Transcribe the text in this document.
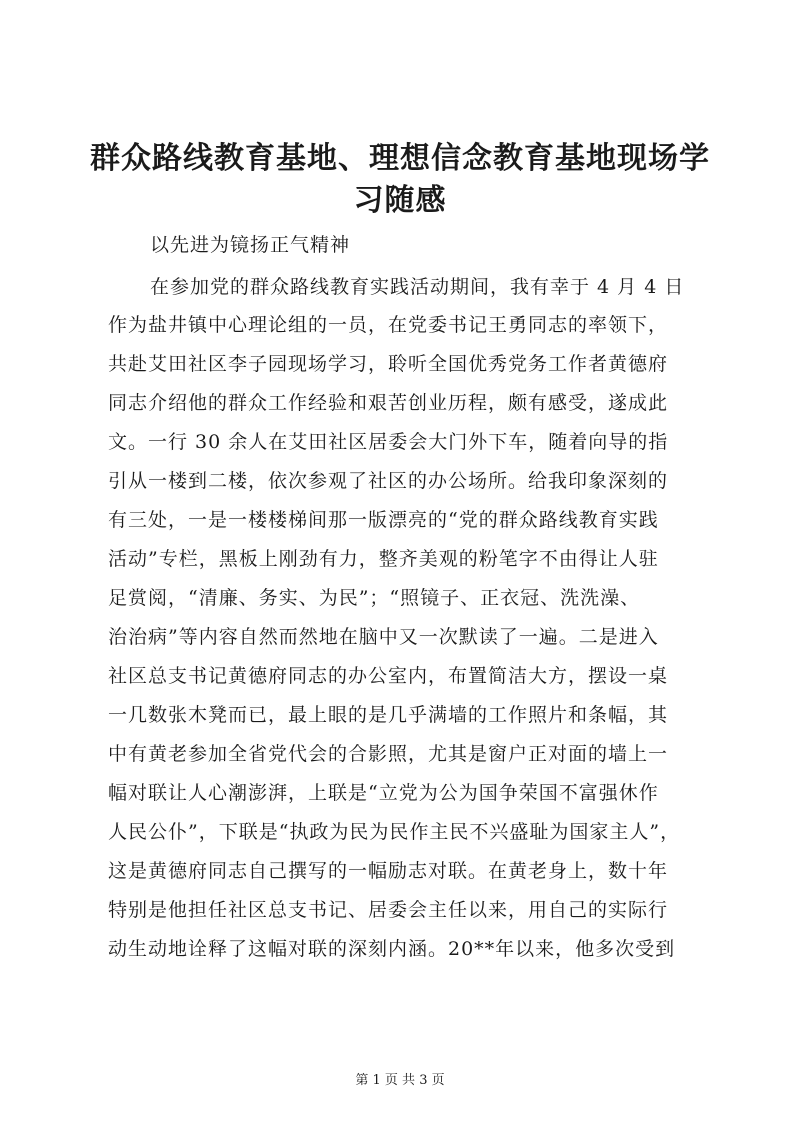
群众路线教育基地、理想信念教育基地现场学
习随感

以先进为镜扬正气精神

在参加党的群众路线教育实践活动期间，我有幸于 4 月 4 日

作为盐井镇中心理论组的一员，在党委书记王勇同志的率领下，

共赴艾田社区李子园现场学习，聆听全国优秀党务工作者黄德府

同志介绍他的群众工作经验和艰苦创业历程，颇有感受，遂成此

文。一行 30 余人在艾田社区居委会大门外下车，随着向导的指

引从一楼到二楼，依次参观了社区的办公场所。给我印象深刻的

有三处，一是一楼楼梯间那一版漂亮的“党的群众路线教育实践

活动”专栏，黑板上刚劲有力，整齐美观的粉笔字不由得让人驻

足赏阅，“清廉、务实、为民”；“照镜子、正衣冠、洗洗澡、

治治病”等内容自然而然地在脑中又一次默读了一遍。二是进入

社区总支书记黄德府同志的办公室内，布置简洁大方，摆设一桌

一几数张木凳而已，最上眼的是几乎满墙的工作照片和条幅，其

中有黄老参加全省党代会的合影照，尤其是窗户正对面的墙上一

幅对联让人心潮澎湃，上联是“立党为公为国争荣国不富强休作

人民公仆”，下联是“执政为民为民作主民不兴盛耻为国家主人”，

这是黄德府同志自己撰写的一幅励志对联。在黄老身上，数十年

特别是他担任社区总支书记、居委会主任以来，用自己的实际行

动生动地诠释了这幅对联的深刻内涵。20**年以来，他多次受到

第 1 页 共 3 页
